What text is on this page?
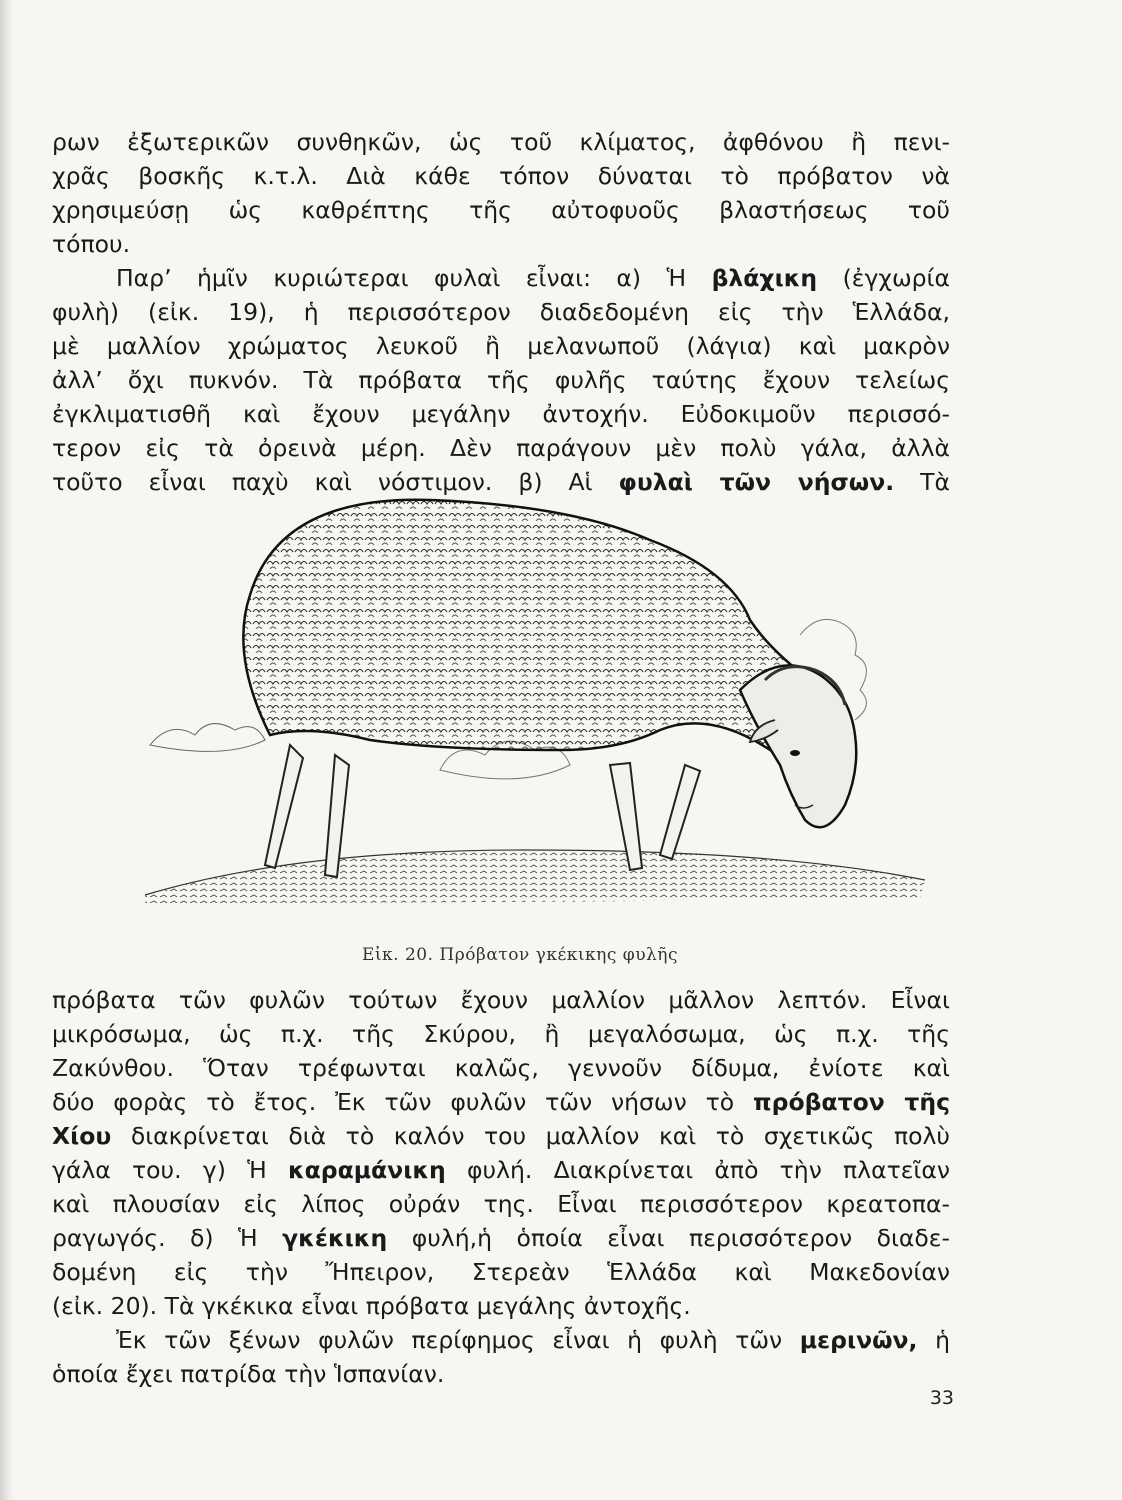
ρων ἐξωτερικῶν συνθηκῶν, ὡς τοῦ κλίματος, ἀφθόνου ἢ πενι-
χρᾶς βοσκῆς κ.τ.λ. Διὰ κάθε τόπον δύναται τὸ πρόβατον νὰ
χρησιμεύσῃ ὡς καθρέπτης τῆς αὐτοφυοῦς βλαστήσεως τοῦ
τόπου.
Παρ’ ἡμῖν κυριώτεραι φυλαὶ εἶναι: α) Ἡ βλάχικη (ἐγχωρία
φυλὴ) (εἰκ. 19), ἡ περισσότερον διαδεδομένη εἰς τὴν Ἑλλάδα,
μὲ μαλλίον χρώματος λευκοῦ ἢ μελανωποῦ (λάγια) καὶ μακρὸν
ἀλλ’ ὄχι πυκνόν. Τὰ πρόβατα τῆς φυλῆς ταύτης ἔχουν τελείως
ἐγκλιματισθῆ καὶ ἔχουν μεγάλην ἀντοχήν. Εὐδοκιμοῦν περισσό-
τερον εἰς τὰ ὀρεινὰ μέρη. Δὲν παράγουν μὲν πολὺ γάλα, ἀλλὰ
τοῦτο εἶναι παχὺ καὶ νόστιμον. β) Αἱ φυλαὶ τῶν νήσων. Τὰ
Εἰκ. 20. Πρόβατον γκέκικης φυλῆς
πρόβατα τῶν φυλῶν τούτων ἔχουν μαλλίον μᾶλλον λεπτόν. Εἶναι
μικρόσωμα, ὡς π.χ. τῆς Σκύρου, ἢ μεγαλόσωμα, ὡς π.χ. τῆς
Ζακύνθου. Ὅταν τρέφωνται καλῶς, γεννοῦν δίδυμα, ἐνίοτε καὶ
δύο φορὰς τὸ ἔτος. Ἐκ τῶν φυλῶν τῶν νήσων τὸ πρόβατον τῆς
Χίου διακρίνεται διὰ τὸ καλόν του μαλλίον καὶ τὸ σχετικῶς πολὺ
γάλα του. γ) Ἡ καραμάνικη φυλή. Διακρίνεται ἀπὸ τὴν πλατεῖαν
καὶ πλουσίαν εἰς λίπος οὐράν της. Εἶναι περισσότερον κρεατοπα-
ραγωγός. δ) Ἡ γκέκικη φυλή,ἡ ὁποία εἶναι περισσότερον διαδε-
δομένη εἰς τὴν Ἤπειρον, Στερεὰν Ἑλλάδα καὶ Μακεδονίαν
(εἰκ. 20). Τὰ γκέκικα εἶναι πρόβατα μεγάλης ἀντοχῆς.
Ἐκ τῶν ξένων φυλῶν περίφημος εἶναι ἡ φυλὴ τῶν μερινῶν, ἡ
ὁποία ἔχει πατρίδα τὴν Ἱσπανίαν.
33
